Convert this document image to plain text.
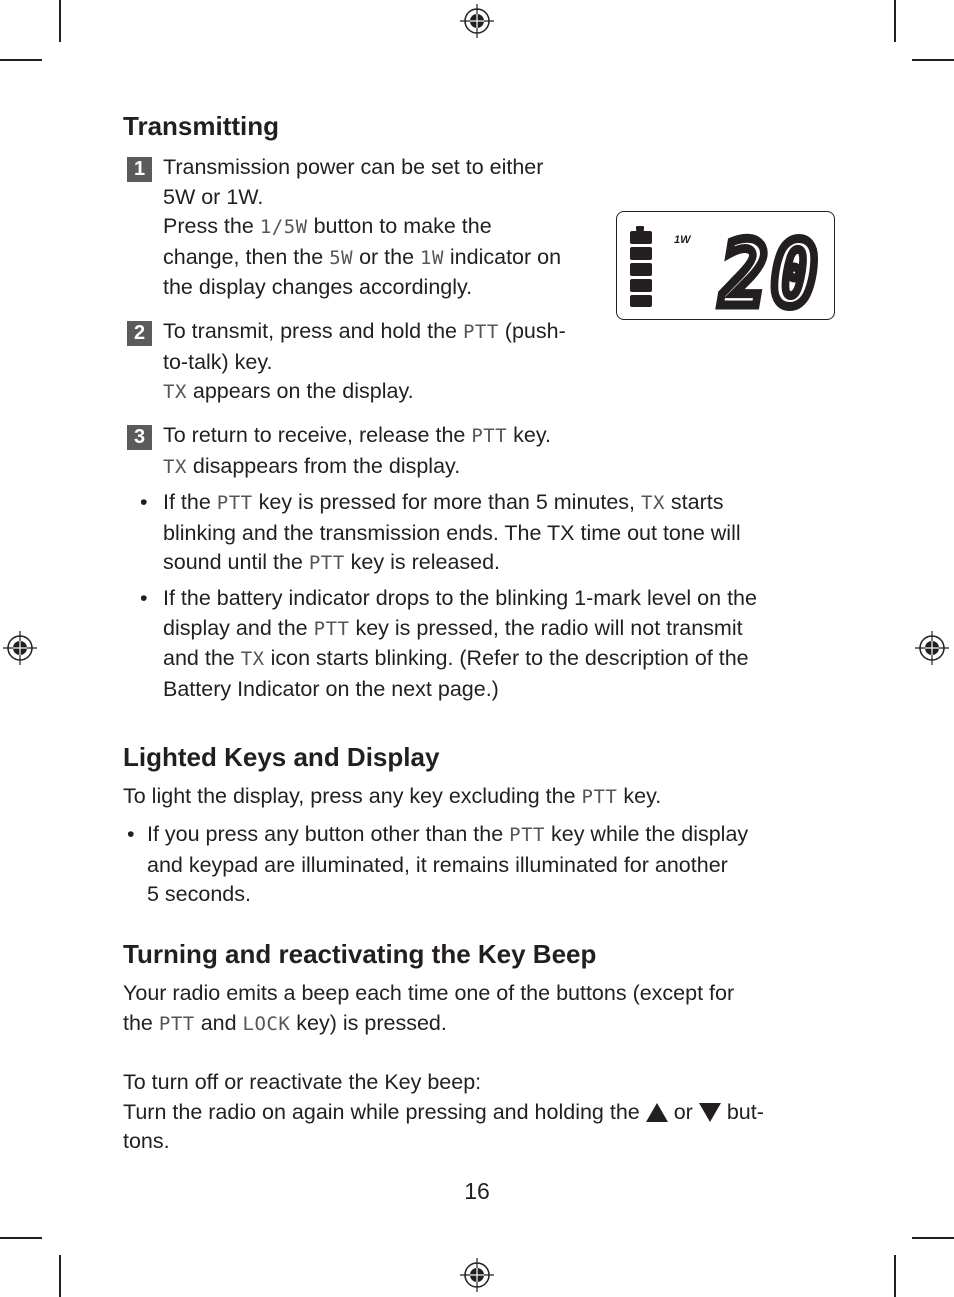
Transmitting
1 Transmission power can be set to either
5W or 1W.
Press the 1/5W button to make the
change, then the 5W or the 1W indicator on
the display changes accordingly.
2 To transmit, press and hold the PTT (push-
to-talk) key.
TX appears on the display.
3 To return to receive, release the PTT key.
TX disappears from the display.
• If the PTT key is pressed for more than 5 minutes, TX starts
blinking and the transmission ends. The TX time out tone will
sound until the PTT key is released.
• If the battery indicator drops to the blinking 1-mark level on the
display and the PTT key is pressed, the radio will not transmit
and the TX icon starts blinking. (Refer to the description of the
Battery Indicator on the next page.)
Lighted Keys and Display
To light the display, press any key excluding the PTT key.
• If you press any button other than the PTT key while the display
and keypad are illuminated, it remains illuminated for another
5 seconds.
Turning and reactivating the Key Beep
Your radio emits a beep each time one of the buttons (except for
the PTT and LOCK key) is pressed.
To turn off or reactivate the Key beep:
Turn the radio on again while pressing and holding the or but-
tons.
1W 20
16
